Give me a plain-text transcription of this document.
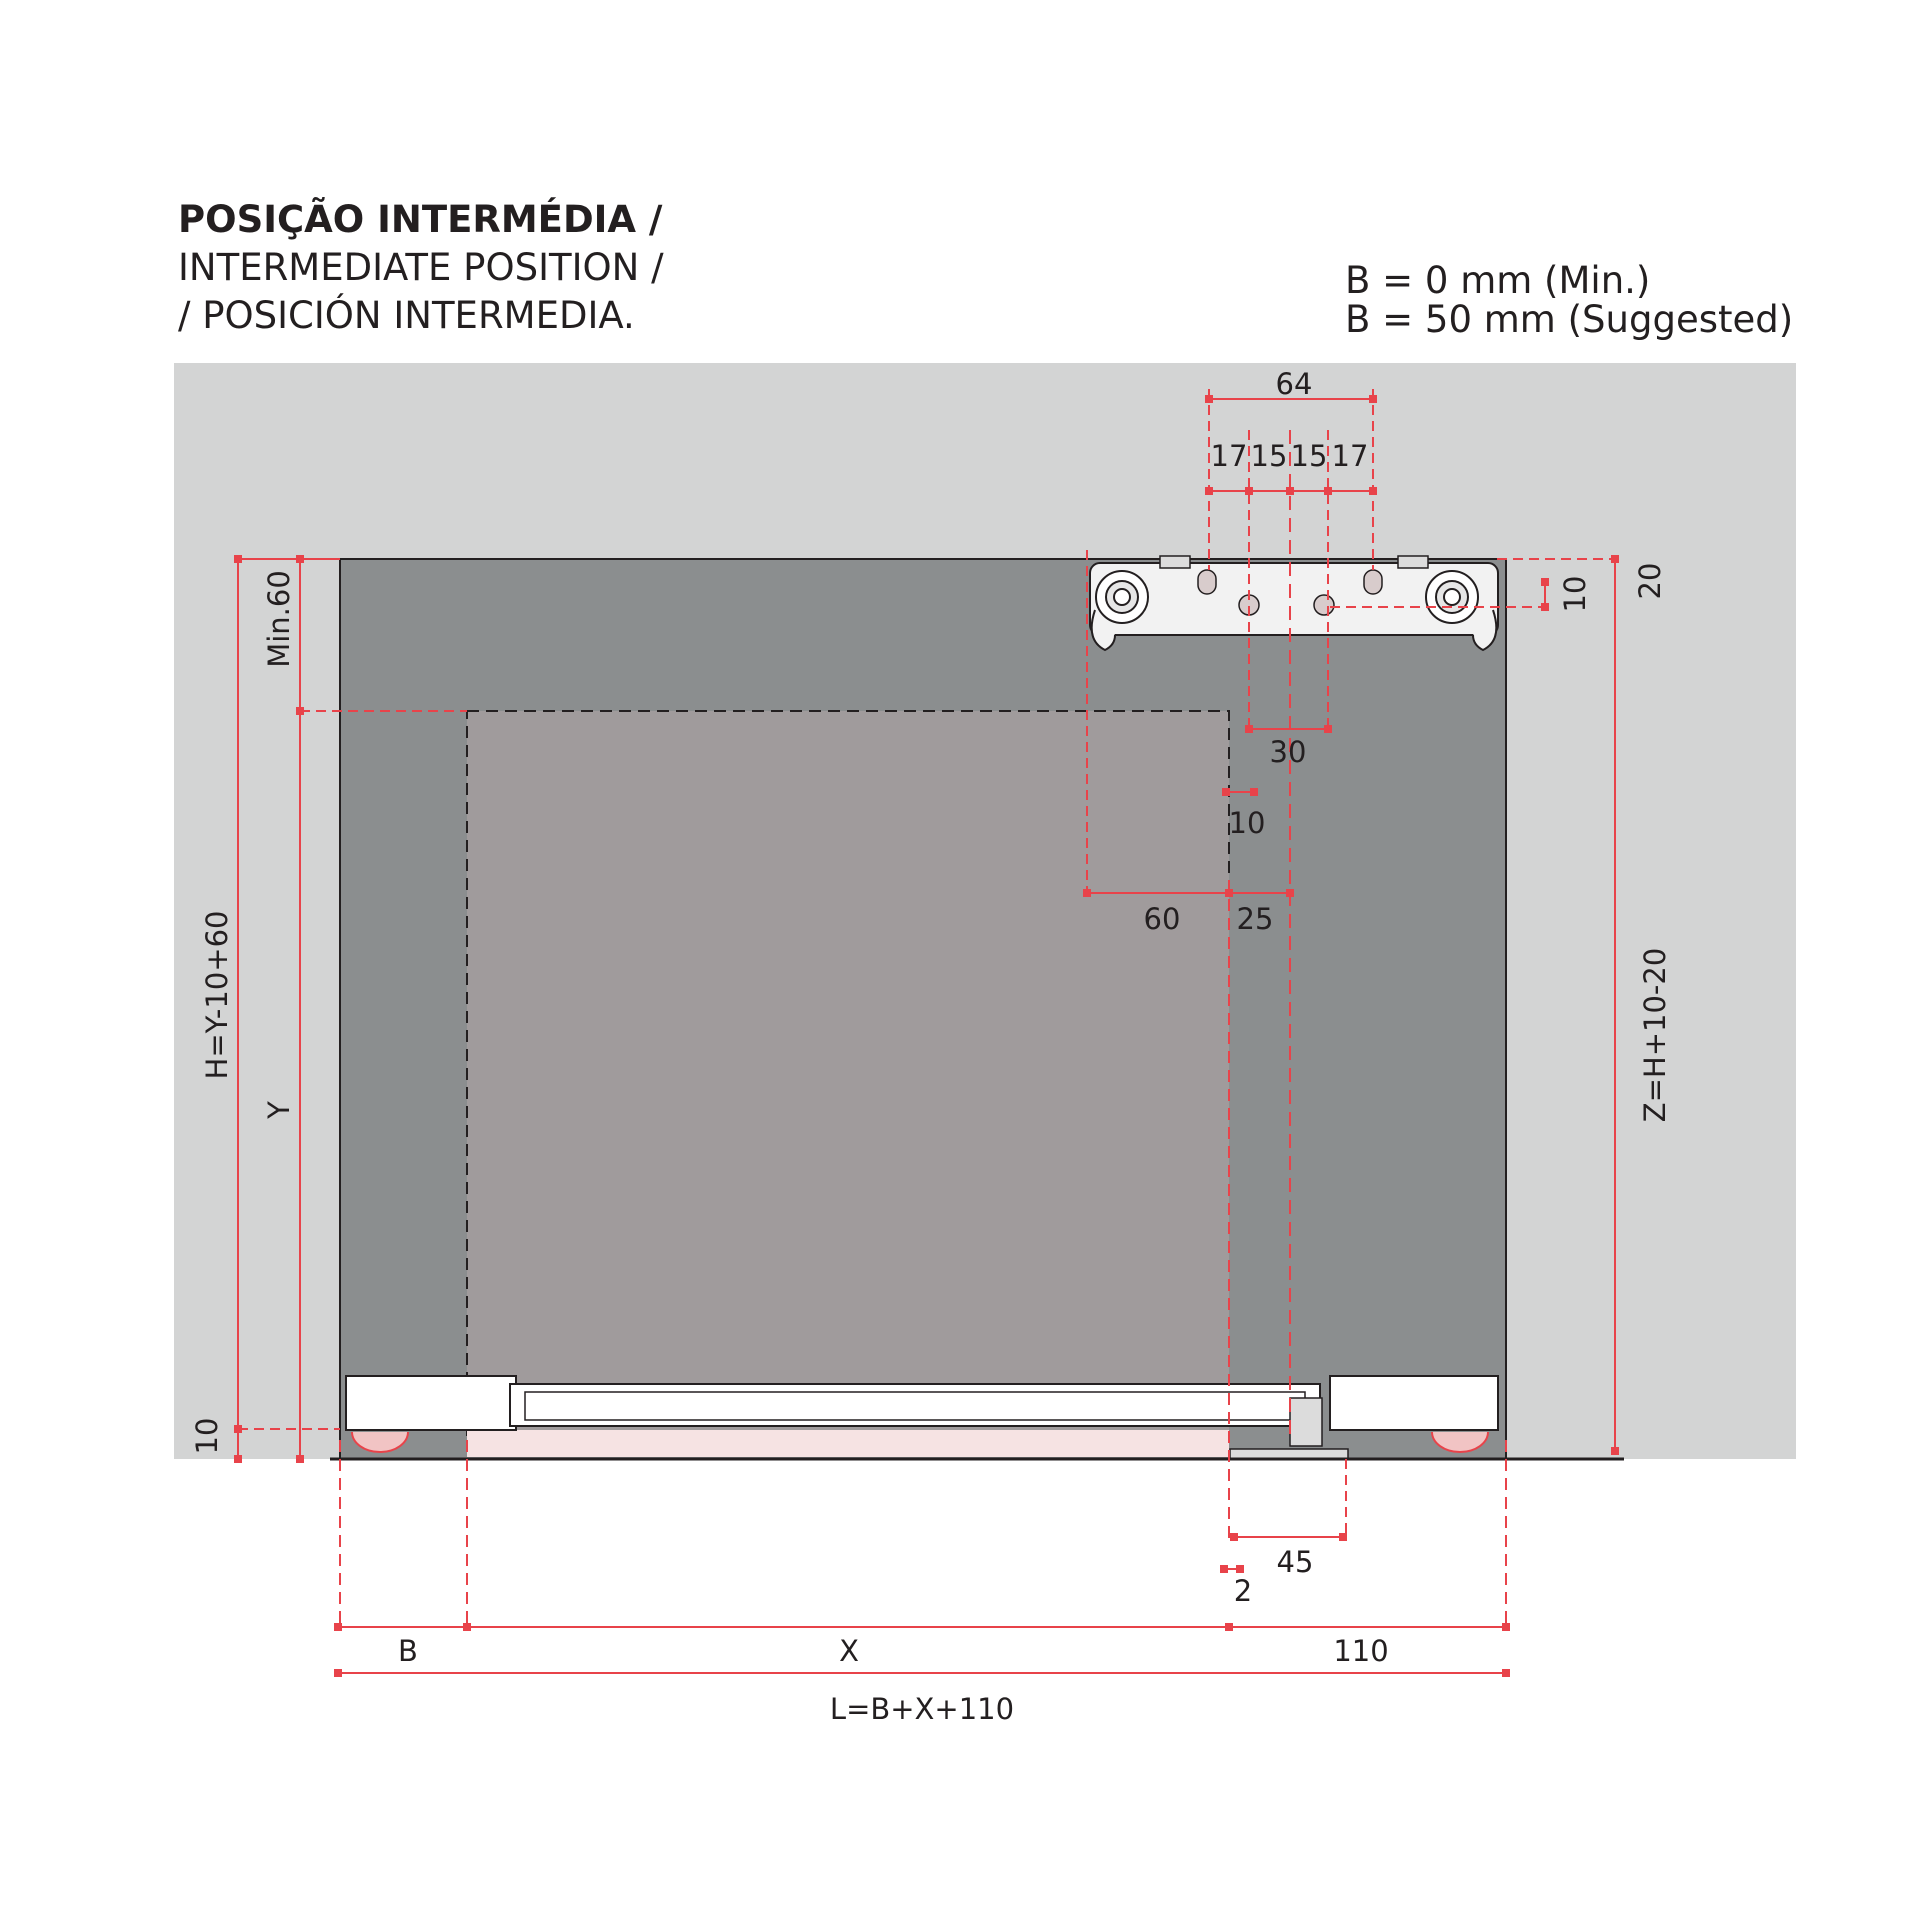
POSIÇÃO INTERMÉDIA /
INTERMEDIATE POSITION /
/ POSICIÓN INTERMEDIA.
B = 0 mm (Min.)
B = 50 mm (Suggested)
64
17 15 15 17
30
10
60 25
45
2
B	X	110
L=B+X+110
10 20
Z=H+10-20
Min.60
H=Y-10+60
Y
10
